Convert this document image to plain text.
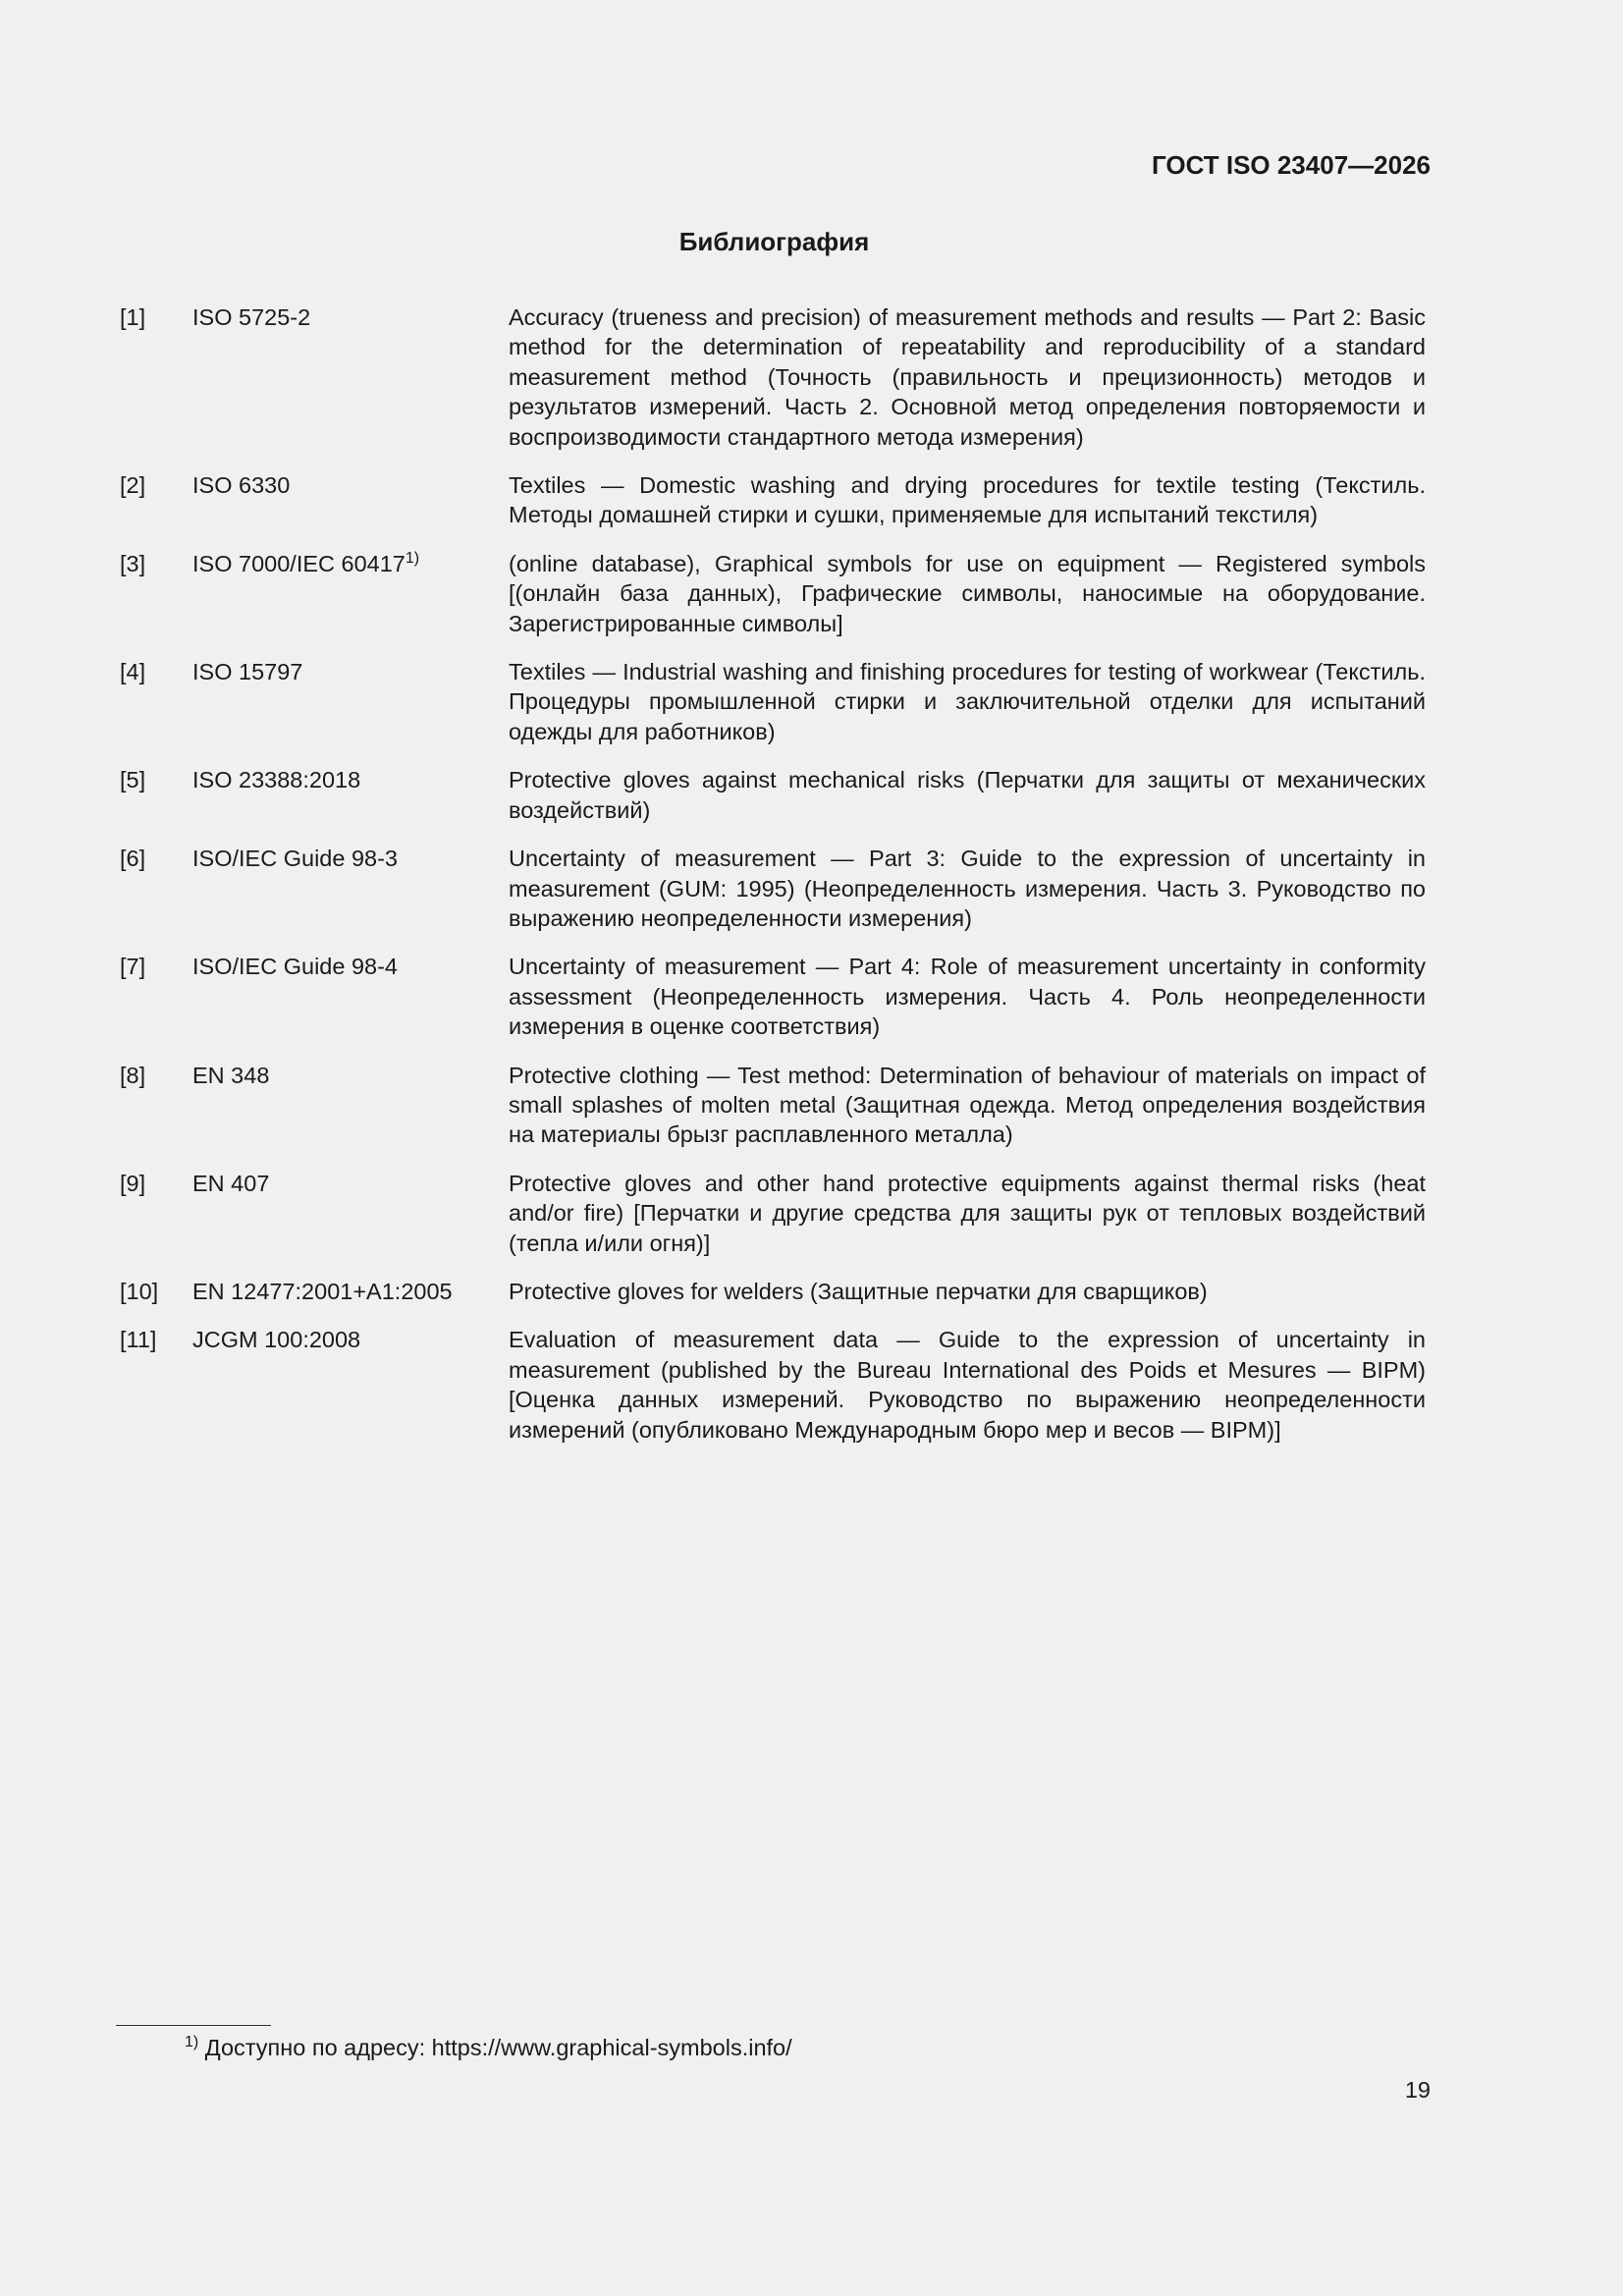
ГОСТ ISO 23407—2026
Библиография
[1] ISO 5725-2	Accuracy (trueness and precision) of measurement methods and results — Part 2: Basic method for the determination of repeatability and reproducibility of a standard measurement method (Точность (правильность и прецизионность) методов и результатов измерений. Часть 2. Основной метод определения повторяемости и воспроизводимости стандартного метода измерения)
[2] ISO 6330	Textiles — Domestic washing and drying procedures for textile testing (Текстиль. Методы домашней стирки и сушки, применяемые для испытаний текстиля)
[3] ISO 7000/IEC 60417$^{1)}$	(online database), Graphical symbols for use on equipment — Registered symbols [(онлайн база данных), Графические символы, наносимые на оборудование. Зарегистрированные символы]
[4] ISO 15797	Textiles — Industrial washing and finishing procedures for testing of workwear (Текстиль. Процедуры промышленной стирки и заключительной отделки для испытаний одежды для работников)
[5] ISO 23388:2018	Protective gloves against mechanical risks (Перчатки для защиты от механических воздействий)
[6] ISO/IEC Guide 98-3	Uncertainty of measurement — Part 3: Guide to the expression of uncertainty in measurement (GUM: 1995) (Неопределенность измерения. Часть 3. Руководство по выражению неопределенности измерения)
[7] ISO/IEC Guide 98-4	Uncertainty of measurement — Part 4: Role of measurement uncertainty in conformity assessment (Неопределенность измерения. Часть 4. Роль неопределенности измерения в оценке соответствия)
[8] EN 348	Protective clothing — Test method: Determination of behaviour of materials on impact of small splashes of molten metal (Защитная одежда. Метод определения воздействия на материалы брызг расплавленного металла)
[9] EN 407	Protective gloves and other hand protective equipments against thermal risks (heat and/or fire) [Перчатки и другие средства для защиты рук от тепловых воздействий (тепла и/или огня)]
[10] EN 12477:2001+A1:2005 Protective gloves for welders (Защитные перчатки для сварщиков)
[11] JCGM 100:2008	Evaluation of measurement data — Guide to the expression of uncertainty in measurement (published by the Bureau International des Poids et Mesures — BIPM) [Оценка данных измерений. Руководство по выражению неопределенности измерений (опубликовано Международным бюро мер и весов — BIPM)]
$^{1)}$ Доступно по адресу: https://www.graphical-symbols.info/
19
